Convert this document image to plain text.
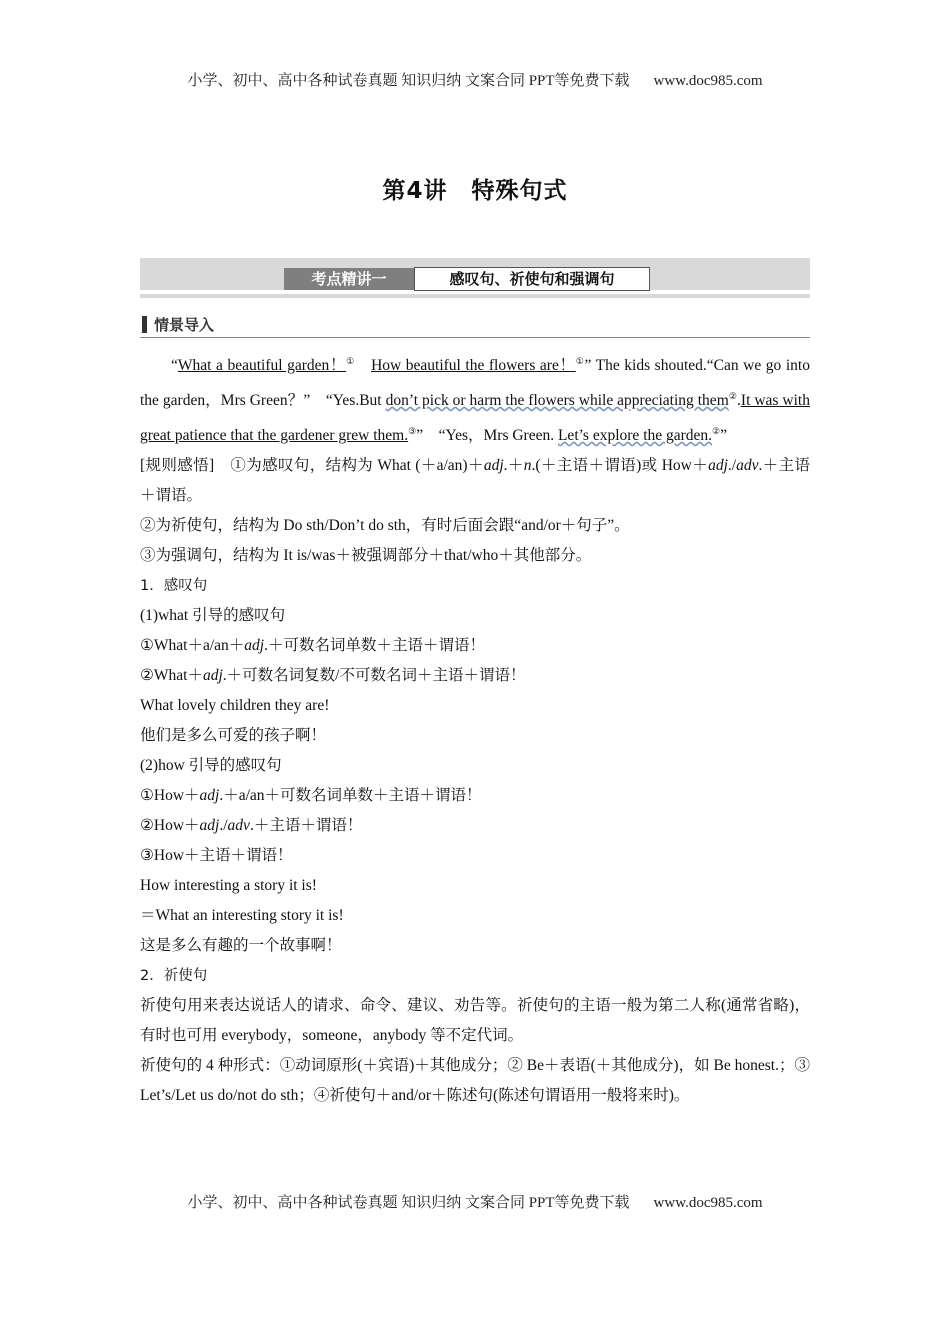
小学、初中、高中各种试卷真题 知识归纳 文案合同 PPT等免费下载 www.doc985.com
第4讲　特殊句式
考点精讲一	感叹句、祈使句和强调句
情景导入

“What a beautiful garden！①　 How beautiful the flowers are！①” The kids shouted.“Can we go into the garden，Mrs Green？”　“Yes.But don’t pick or harm the flowers while appreciating them②.It was with great patience that the gardener grew them.③”　“Yes，Mrs Green. Let’s explore the garden.②”

[规则感悟]　①为感叹句，结构为 What (＋a/an)＋adj.＋n.(＋主语＋谓语)或 How＋adj./adv.＋主语＋谓语。

②为祈使句，结构为 Do sth/Don’t do sth，有时后面会跟“and/or＋句子”。

③为强调句，结构为 It is/was＋被强调部分＋that/who＋其他部分。

1．感叹句

(1)what 引导的感叹句

①What＋a/an＋adj.＋可数名词单数＋主语＋谓语！

②What＋adj.＋可数名词复数/不可数名词＋主语＋谓语！

What lovely children they are!

他们是多么可爱的孩子啊！

(2)how 引导的感叹句

①How＋adj.＋a/an＋可数名词单数＋主语＋谓语！

②How＋adj./adv.＋主语＋谓语！

③How＋主语＋谓语！

How interesting a story it is!

＝What an interesting story it is!

这是多么有趣的一个故事啊！

2．祈使句

祈使句用来表达说话人的请求、命令、建议、劝告等。祈使句的主语一般为第二人称(通常省略)，有时也可用 everybody，someone，anybody 等不定代词。

祈使句的 4 种形式：①动词原形(＋宾语)＋其他成分；② Be＋表语(＋其他成分)，如 Be honest.；③ Let’s/Let us do/not do sth；④祈使句＋and/or＋陈述句(陈述句谓语用一般将来时)。

小学、初中、高中各种试卷真题 知识归纳 文案合同 PPT等免费下载 www.doc985.com
